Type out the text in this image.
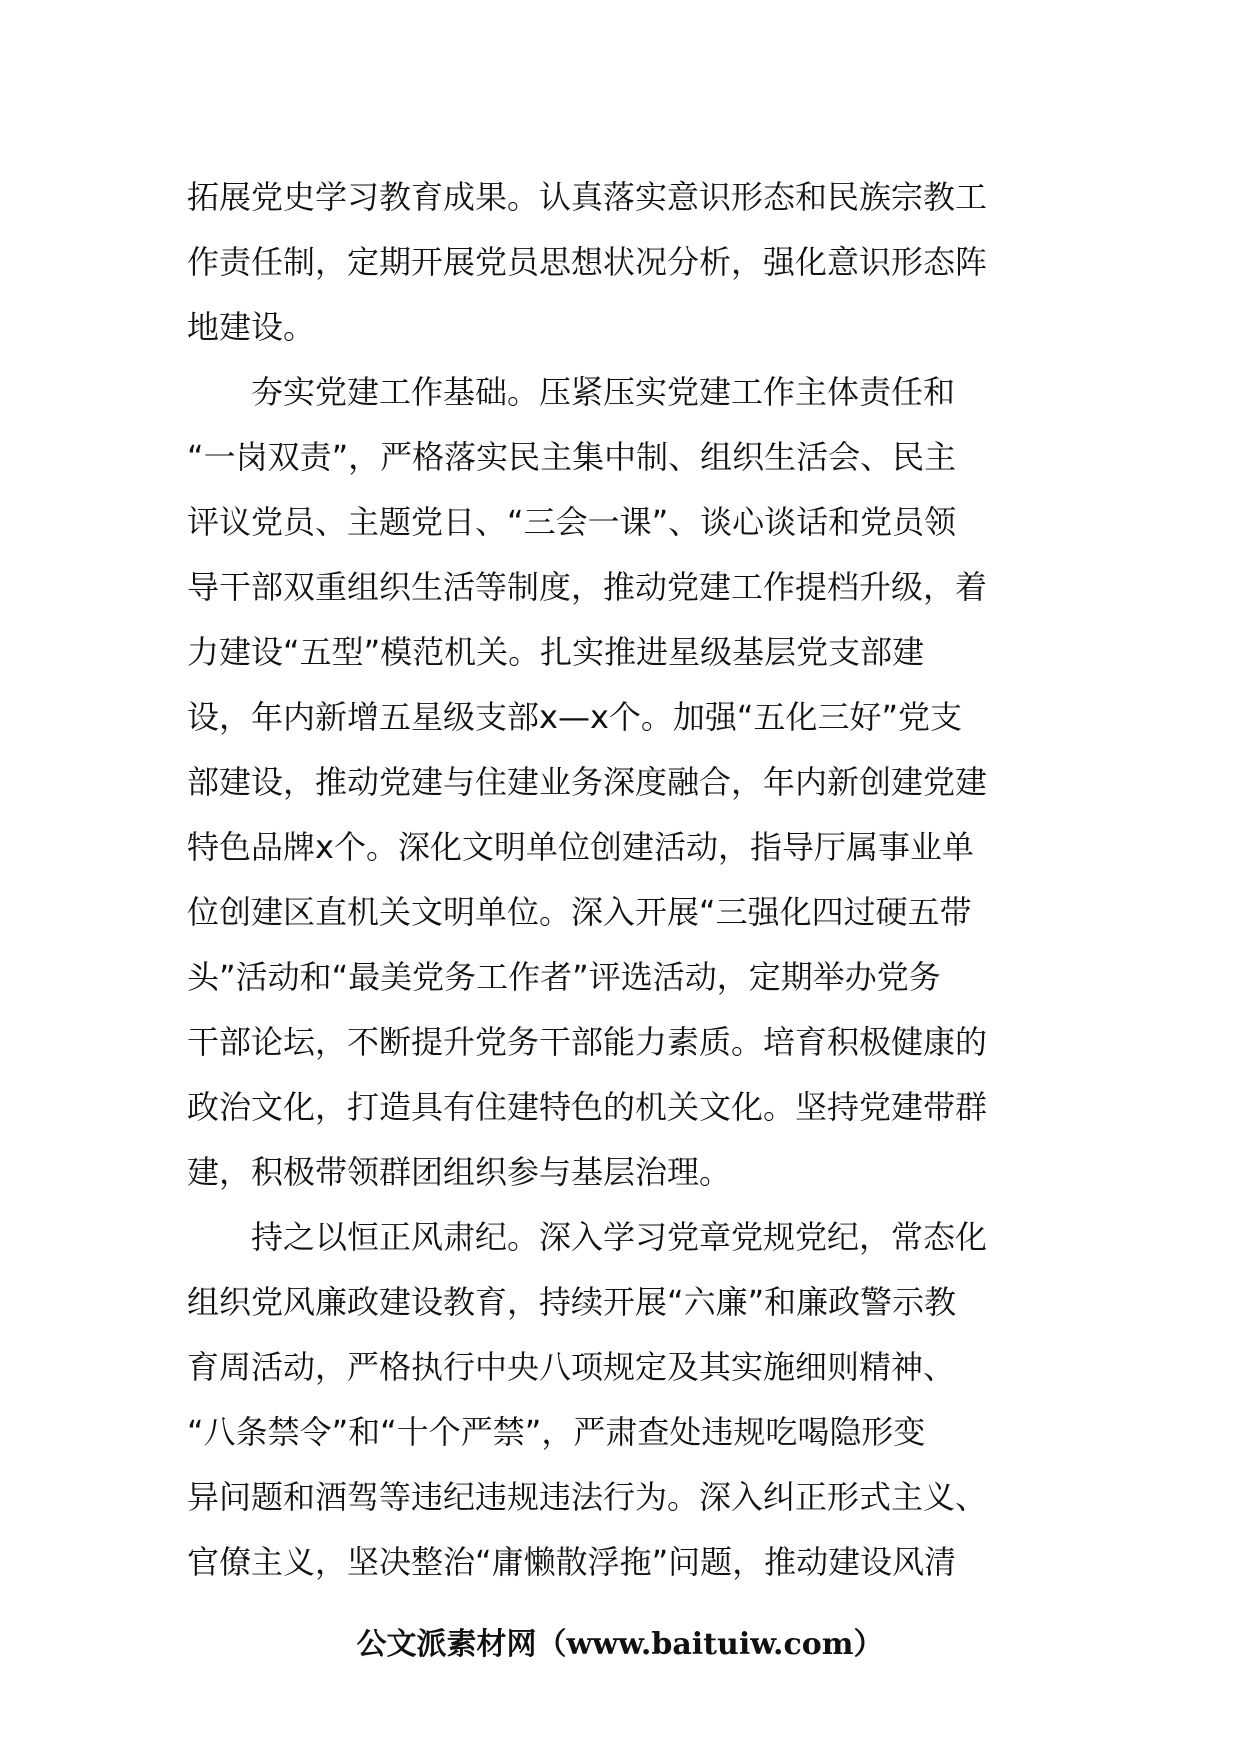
拓展党史学习教育成果。认真落实意识形态和民族宗教工
作责任制，定期开展党员思想状况分析，强化意识形态阵
地建设。
夯实党建工作基础。压紧压实党建工作主体责任和
“一岗双责”，严格落实民主集中制、组织生活会、民主
评议党员、主题党日、“三会一课”、谈心谈话和党员领
导干部双重组织生活等制度，推动党建工作提档升级，着
力建设“五型”模范机关。扎实推进星级基层党支部建
设，年内新增五星级支部x—x个。加强“五化三好”党支
部建设，推动党建与住建业务深度融合，年内新创建党建
特色品牌x个。深化文明单位创建活动，指导厅属事业单
位创建区直机关文明单位。深入开展“三强化四过硬五带
头”活动和“最美党务工作者”评选活动，定期举办党务
干部论坛，不断提升党务干部能力素质。培育积极健康的
政治文化，打造具有住建特色的机关文化。坚持党建带群
建，积极带领群团组织参与基层治理。
持之以恒正风肃纪。深入学习党章党规党纪，常态化
组织党风廉政建设教育，持续开展“六廉”和廉政警示教
育周活动，严格执行中央八项规定及其实施细则精神、
“八条禁令”和“十个严禁”，严肃查处违规吃喝隐形变
异问题和酒驾等违纪违规违法行为。深入纠正形式主义、
官僚主义，坚决整治“庸懒散浮拖”问题，推动建设风清
公文派素材网（www.baituiw.com）
